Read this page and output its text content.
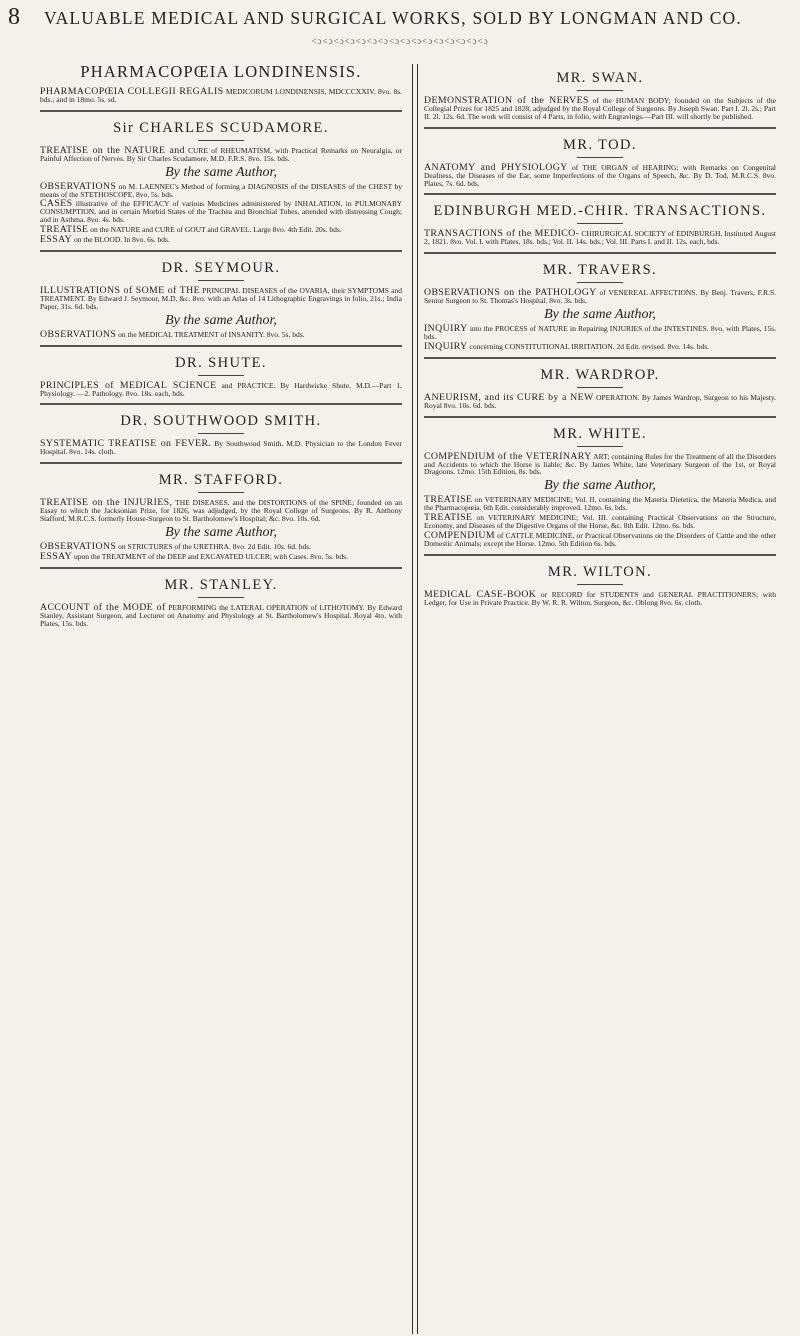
8 VALUABLE MEDICAL AND SURGICAL WORKS, SOLD BY LONGMAN AND CO.
<ɔ<ɔ<ɔ<ɔ<ɔ<ɔ<ɔ<ɔ<ɔ<ɔ<ɔ<ɔ<ɔ<ɔ<ɔ<ɔ
PHARMACOPŒIA LONDINENSIS.

PHARMACOPŒIA COLLEGII REGALIS MEDICORUM LONDINENSIS, MDCCCXXIV. 8vo. 8s. bds.; and in 18mo. 5s. sd.

Sir CHARLES SCUDAMORE.

TREATISE on the NATURE and CURE of RHEUMATISM, with Practical Remarks on Neuralgia, or Painful Affection of Nerves. By Sir Charles Scudamore, M.D. F.R.S. 8vo. 15s. bds.

By the same Author,

OBSERVATIONS on M. LAENNEC's Method of forming a DIAGNOSIS of the DISEASES of the CHEST by means of the STETHOSCOPE. 8vo. 5s. bds.

CASES illustrative of the EFFICACY of various Medicines administered by INHALATION, in PULMONARY CONSUMPTION, and in certain Morbid States of the Trachea and Bronchial Tubes, attended with distressing Cough; and in Asthma. 8vo. 4s. bds.

TREATISE on the NATURE and CURE of GOUT and GRAVEL. Large 8vo. 4th Edit. 20s. bds.

ESSAY on the BLOOD. In 8vo. 6s. bds.

DR. SEYMOUR.

ILLUSTRATIONS of SOME of THE PRINCIPAL DISEASES of the OVARIA, their SYMPTOMS and TREATMENT. By Edward J. Seymour, M.D. &c. 8vo. with an Atlas of 14 Lithographic Engravings in folio, 21s.; India Paper, 31s. 6d. bds.

By the same Author,

OBSERVATIONS on the MEDICAL TREATMENT of INSANITY. 8vo. 5s. bds.

DR. SHUTE.

PRINCIPLES of MEDICAL SCIENCE and PRACTICE. By Hardwicke Shute, M.D.—Part 1. Physiology. —2. Pathology. 8vo. 18s. each, bds.

DR. SOUTHWOOD SMITH.

SYSTEMATIC TREATISE on FEVER. By Southwood Smith, M.D. Physician to the London Fever Hospital. 8vo. 14s. cloth.

MR. STAFFORD.

TREATISE on the INJURIES, THE DISEASES, and the DISTORTIONS of the SPINE; founded on an Essay to which the Jacksonian Prize, for 1826, was adjudged, by the Royal College of Surgeons. By R. Anthony Stafford, M.R.C.S. formerly House-Surgeon to St. Bartholomew's Hospital; &c. 8vo. 10s. 6d.

By the same Author,

OBSERVATIONS on STRICTURES of the URETHRA. 8vo. 2d Edit. 10s. 6d. bds.

ESSAY upon the TREATMENT of the DEEP and EXCAVATED ULCER; with Cases. 8vo. 5s. bds.

MR. STANLEY.

ACCOUNT of the MODE of PERFORMING the LATERAL OPERATION of LITHOTOMY. By Edward Stanley, Assistant Surgeon, and Lecturer on Anatomy and Physiology at St. Bartholomew's Hospital. Royal 4to. with Plates, 15s. bds.

MR. SWAN.

DEMONSTRATION of the NERVES of the HUMAN BODY; founded on the Subjects of the Collegial Prizes for 1825 and 1828, adjudged by the Royal College of Surgeons. By Joseph Swan. Part I. 2l. 2s.; Part II. 2l. 12s. 6d. The work will consist of 4 Parts, in folio, with Engravings.—Part III. will shortly be published.

MR. TOD.

ANATOMY and PHYSIOLOGY of THE ORGAN of HEARING; with Remarks on Congenital Deafness, the Diseases of the Ear, some Imperfections of the Organs of Speech, &c. By D. Tod, M.R.C.S. 8vo. Plates, 7s. 6d. bds.

EDINBURGH MED.-CHIR. TRANSACTIONS.

TRANSACTIONS of the MEDICO- CHIRURGICAL SOCIETY of EDINBURGH. Instituted August 2, 1821. 8vo. Vol. I. with Plates, 18s. bds.; Vol. II. 14s. bds.; Vol. III. Parts I. and II. 12s. each, bds.

MR. TRAVERS.

OBSERVATIONS on the PATHOLOGY of VENEREAL AFFECTIONS. By Benj. Travers, F.R.S. Senior Surgeon to St. Thomas's Hospital. 8vo. 3s. bds.

By the same Author,

INQUIRY into the PROCESS of NATURE in Repairing INJURIES of the INTESTINES. 8vo. with Plates, 15s. bds.

INQUIRY concerning CONSTITUTIONAL IRRITATION. 2d Edit. revised. 8vo. 14s. bds.

MR. WARDROP.

ANEURISM, and its CURE by a NEW OPERATION. By James Wardrop, Surgeon to his Majesty. Royal 8vo. 10s. 6d. bds.

MR. WHITE.

COMPENDIUM of the VETERINARY ART; containing Rules for the Treatment of all the Disorders and Accidents to which the Horse is liable; &c. By James White, late Veterinary Surgeon of the 1st, or Royal Dragoons. 12mo. 15th Edition, 8s. bds.

By the same Author,

TREATISE on VETERINARY MEDICINE; Vol. II. containing the Materia Dietetica, the Materia Medica, and the Pharmacopœia. 6th Edit. considerably improved. 12mo. 6s. bds.

TREATISE on VETERINARY MEDICINE; Vol. III. containing Practical Observations on the Structure, Economy, and Diseases of the Digestive Organs of the Horse, &c. 8th Edit. 12mo. 6s. bds.

COMPENDIUM of CATTLE MEDICINE, or Practical Observations on the Disorders of Cattle and the other Domestic Animals; except the Horse. 12mo. 5th Edition 6s. bds.

MR. WILTON.

MEDICAL CASE-BOOK or RECORD for STUDENTS and GENERAL PRACTITIONERS; with Ledger, for Use in Private Practice. By W. R. R. Wilton, Surgeon, &c. Oblong 8vo. 6s. cloth.
